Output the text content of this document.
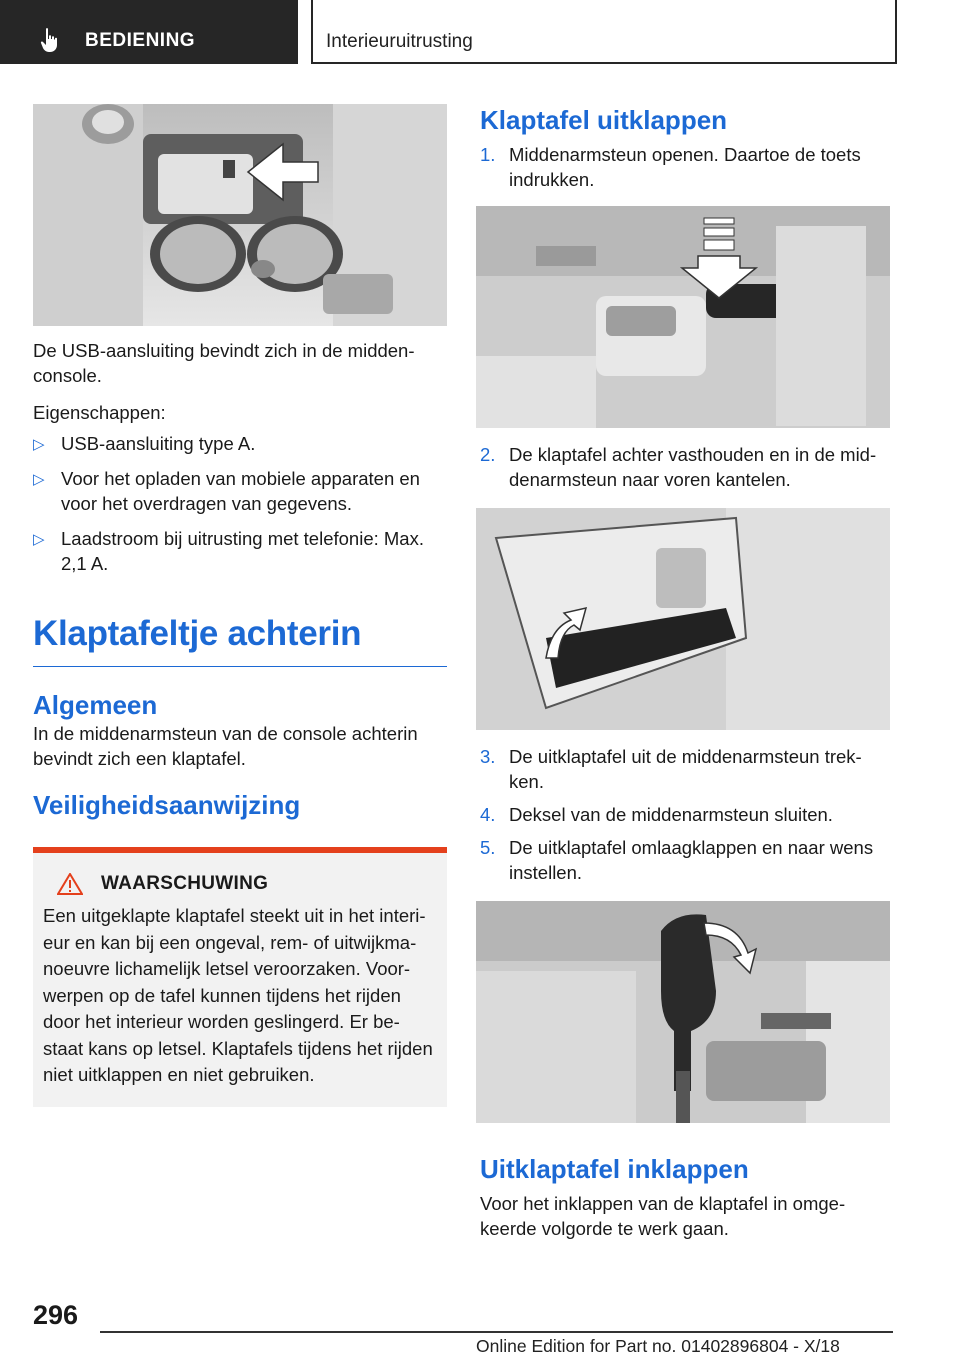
BEDIENING	Interieuruitrusting

De USB-aansluiting bevindt zich in de midden-console.

Eigenschappen:

▷ USB-aansluiting type A.
▷ Voor het opladen van mobiele apparaten en voor het overdragen van gegevens.
▷ Laadstroom bij uitrusting met telefonie: Max. 2,1 A.
Klaptafeltje achterin
Algemeen

In de middenarmsteun van de console achterin bevindt zich een klaptafel.

Veiligheidsaanwijzing
WAARSCHUWING

Een uitgeklapte klaptafel steekt uit in het interi-eur en kan bij een ongeval, rem- of uitwijkma-noeuvre lichamelijk letsel veroorzaken. Voor-werpen op de tafel kunnen tijdens het rijden door het interieur worden geslingerd. Er be-staat kans op letsel. Klaptafels tijdens het rijden niet uitklappen en niet gebruiken.

Klaptafel uitklappen
1. Middenarmsteun openen. Daartoe de toets indrukken.
2. De klaptafel achter vasthouden en in de mid-denarmsteun naar voren kantelen.
3. De uitklaptafel uit de middenarmsteun trek-ken.
4. Deksel van de middenarmsteun sluiten.
5. De uitklaptafel omlaagklappen en naar wens instellen.
Uitklaptafel inklappen

Voor het inklappen van de klaptafel in omge-keerde volgorde te werk gaan.

296
Online Edition for Part no. 01402896804 - X/18
